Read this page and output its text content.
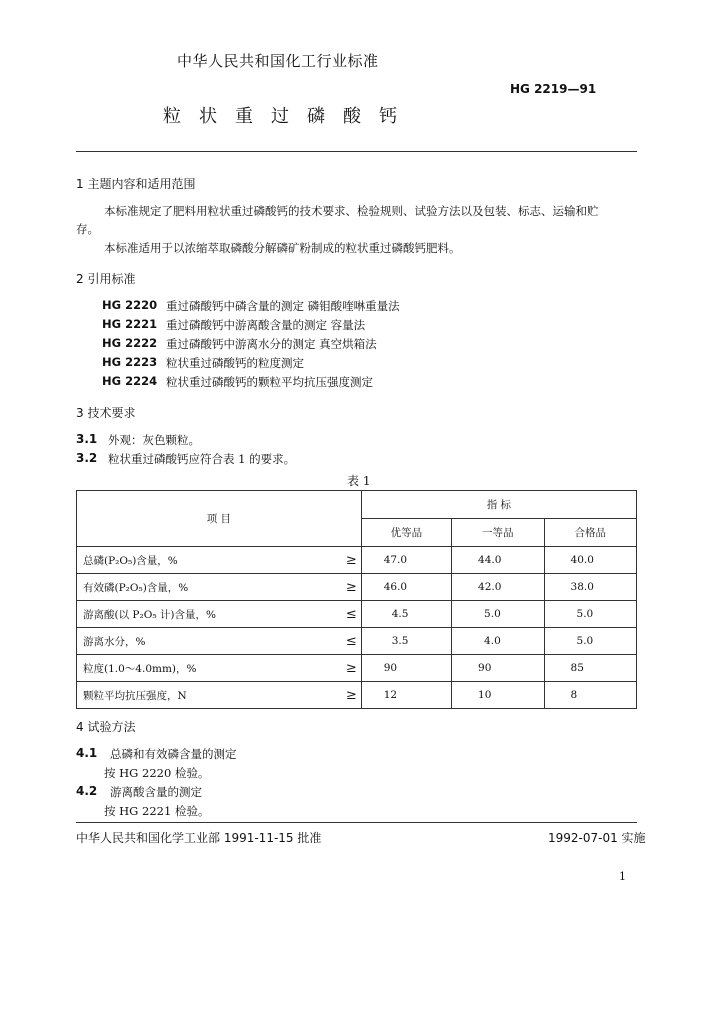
中华人民共和国化工行业标准
HG 2219—91
粒状重过磷酸钙
1 主题内容和适用范围
本标准规定了肥料用粒状重过磷酸钙的技术要求、检验规则、试验方法以及包装、标志、运输和贮
存。
本标准适用于以浓缩萃取磷酸分解磷矿粉制成的粒状重过磷酸钙肥料。
2 引用标准
HG 2220 重过磷酸钙中磷含量的测定 磷钼酸喹啉重量法
HG 2221 重过磷酸钙中游离酸含量的测定 容量法
HG 2222 重过磷酸钙中游离水分的测定 真空烘箱法
HG 2223 粒状重过磷酸钙的粒度测定
HG 2224 粒状重过磷酸钙的颗粒平均抗压强度测定
3 技术要求
3.1 外观：灰色颗粒。
3.2 粒状重过磷酸钙应符合表 1 的要求。
表 1
项 目		指 标		
		优等品	一等品	合格品
总磷(P₂O₅)含量，%	≥	47.0	44.0	40.0
有效磷(P₂O₅)含量，%	≥	46.0	42.0	38.0
游离酸(以 P₂O₅ 计)含量，%	≤	4.5	5.0	5.0
游离水分，%	≤	3.5	4.0	5.0
粒度(1.0～4.0mm)，%	≥	90	90	85
颗粒平均抗压强度，N	≥	12	10	8
4 试验方法
4.1 总磷和有效磷含量的测定
按 HG 2220 检验。
4.2 游离酸含量的测定
按 HG 2221 检验。
中华人民共和国化学工业部 1991-11-15 批准	1992-07-01 实施
1
